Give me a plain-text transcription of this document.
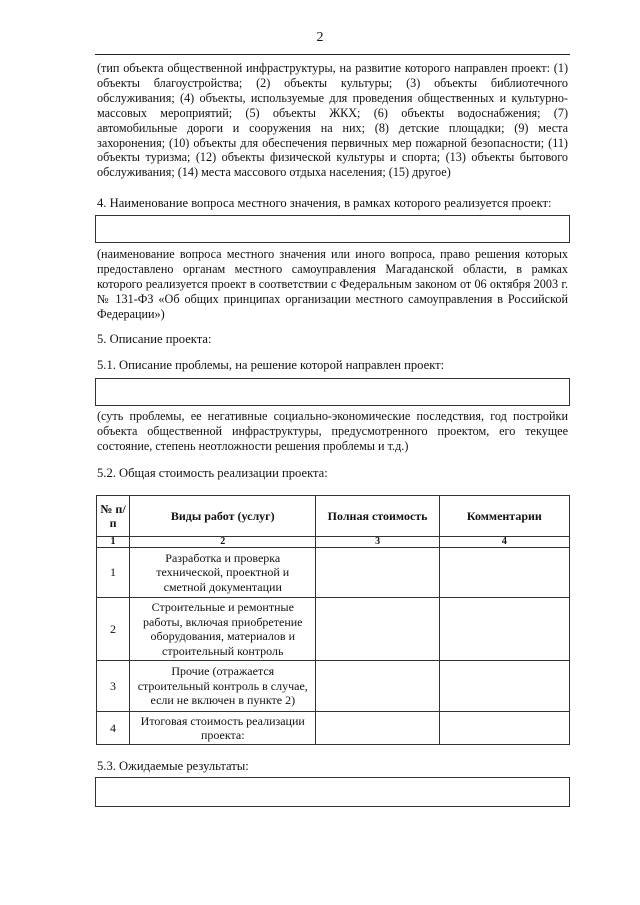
2
(тип объекта общественной инфраструктуры, на развитие которого направлен проект: (1) объекты благоустройства; (2) объекты культуры; (3) объекты библиотечного обслуживания; (4) объекты, используемые для проведения общественных и культурно-массовых мероприятий; (5) объекты ЖКХ; (6) объекты водоснабжения; (7) автомобильные дороги и сооружения на них; (8) детские площадки; (9) места захоронения; (10) объекты для обеспечения первичных мер пожарной безопасности; (11) объекты туризма; (12) объекты физической культуры и спорта; (13) объекты бытового обслуживания; (14) места массового отдыха населения; (15) другое)
4. Наименование вопроса местного значения, в рамках которого реализуется проект:
(наименование вопроса местного значения или иного вопроса, право решения которых предоставлено органам местного самоуправления Магаданской области, в рамках которого реализуется проект в соответствии с Федеральным законом от 06 октября 2003 г. № 131-ФЗ «Об общих принципах организации местного самоуправления в Российской Федерации»)
5. Описание проекта:
5.1. Описание проблемы, на решение которой направлен проект:
(суть проблемы, ее негативные социально-экономические последствия, год постройки объекта общественной инфраструктуры, предусмотренного проектом, его текущее состояние, степень неотложности решения проблемы и т.д.)
5.2. Общая стоимость реализации проекта:
№ п/п	Виды работ (услуг)	Полная стоимость	Комментарии
1	2	3	4
1	Разработка и проверка технической, проектной и сметной документации		
2	Строительные и ремонтные работы, включая приобретение оборудования, материалов и строительный контроль		
3	Прочие (отражается строительный контроль в случае, если не включен в пункте 2)		
4	Итоговая стоимость реализации проекта:		
5.3. Ожидаемые результаты:
